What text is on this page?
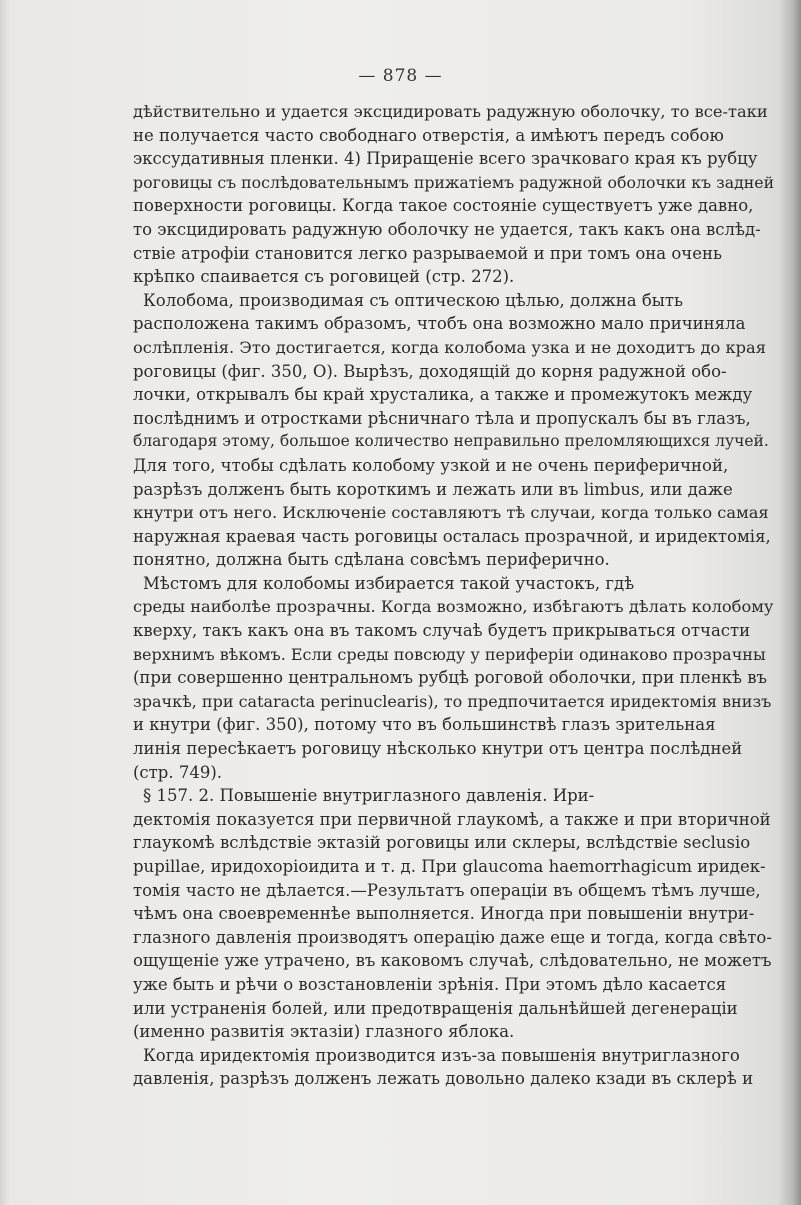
— 878 —
дѣйствительно и удается эксцидировать радужную оболочку, то все-таки
не получается часто свободнаго отверстія, а имѣютъ передъ собою
экссудативныя пленки. 4) Приращеніе всего зрачковаго края къ рубцу
роговицы съ послѣдовательнымъ прижатіемъ радужной оболочки къ задней
поверхности роговицы. Когда такое состояніе существуетъ уже давно,
то эксцидировать радужную оболочку не удается, такъ какъ она вслѣд-
ствіе атрофіи становится легко разрываемой и при томъ она очень
крѣпко спаивается съ роговицей (стр. 272).
Колобома, производимая съ оптическою цѣлью, должна быть
расположена такимъ образомъ, чтобъ она возможно мало причиняла
ослѣпленія. Это достигается, когда колобома узка и не доходитъ до края
роговицы (фиг. 350, O). Вырѣзъ, доходящій до корня радужной обо-
лочки, открывалъ бы край хрусталика, а также и промежутокъ между
послѣднимъ и отростками рѣсничнаго тѣла и пропускалъ бы въ глазъ,
благодаря этому, большое количество неправильно преломляющихся лучей.
Для того, чтобы сдѣлать колобому узкой и не очень периферичной,
разрѣзъ долженъ быть короткимъ и лежать или въ limbus, или даже
кнутри отъ него. Исключеніе составляютъ тѣ случаи, когда только самая
наружная краевая часть роговицы осталась прозрачной, и иридектомія,
понятно, должна быть сдѣлана совсѣмъ периферично.
Мѣстомъ для колобомы избирается такой участокъ, гдѣ
среды наиболѣе прозрачны. Когда возможно, избѣгаютъ дѣлать колобому
кверху, такъ какъ она въ такомъ случаѣ будетъ прикрываться отчасти
верхнимъ вѣкомъ. Если среды повсюду у периферіи одинаково прозрачны
(при совершенно центральномъ рубцѣ роговой оболочки, при пленкѣ въ
зрачкѣ, при cataracta perinuclearis), то предпочитается иридектомія внизъ
и кнутри (фиг. 350), потому что въ большинствѣ глазъ зрительная
линія пересѣкаетъ роговицу нѣсколько кнутри отъ центра послѣдней
(стр. 749).
§ 157. 2. Повышеніе внутриглазного давленія. Ири-
дектомія показуется при первичной глаукомѣ, а также и при вторичной
глаукомѣ вслѣдствіе эктазій роговицы или склеры, вслѣдствіе seclusio
pupillae, иридохоріоидита и т. д. При glaucoma haemorrhagicum иридек-
томія часто не дѣлается.—Результатъ операціи въ общемъ тѣмъ лучше,
чѣмъ она своевременнѣе выполняется. Иногда при повышеніи внутри-
глазного давленія производятъ операцію даже еще и тогда, когда свѣто-
ощущеніе уже утрачено, въ каковомъ случаѣ, слѣдовательно, не можетъ
уже быть и рѣчи о возстановленіи зрѣнія. При этомъ дѣло касается
или устраненія болей, или предотвращенія дальнѣйшей дегенераціи
(именно развитія эктазіи) глазного яблока.
Когда иридектомія производится изъ-за повышенія внутриглазного
давленія, разрѣзъ долженъ лежать довольно далеко кзади въ склерѣ и
